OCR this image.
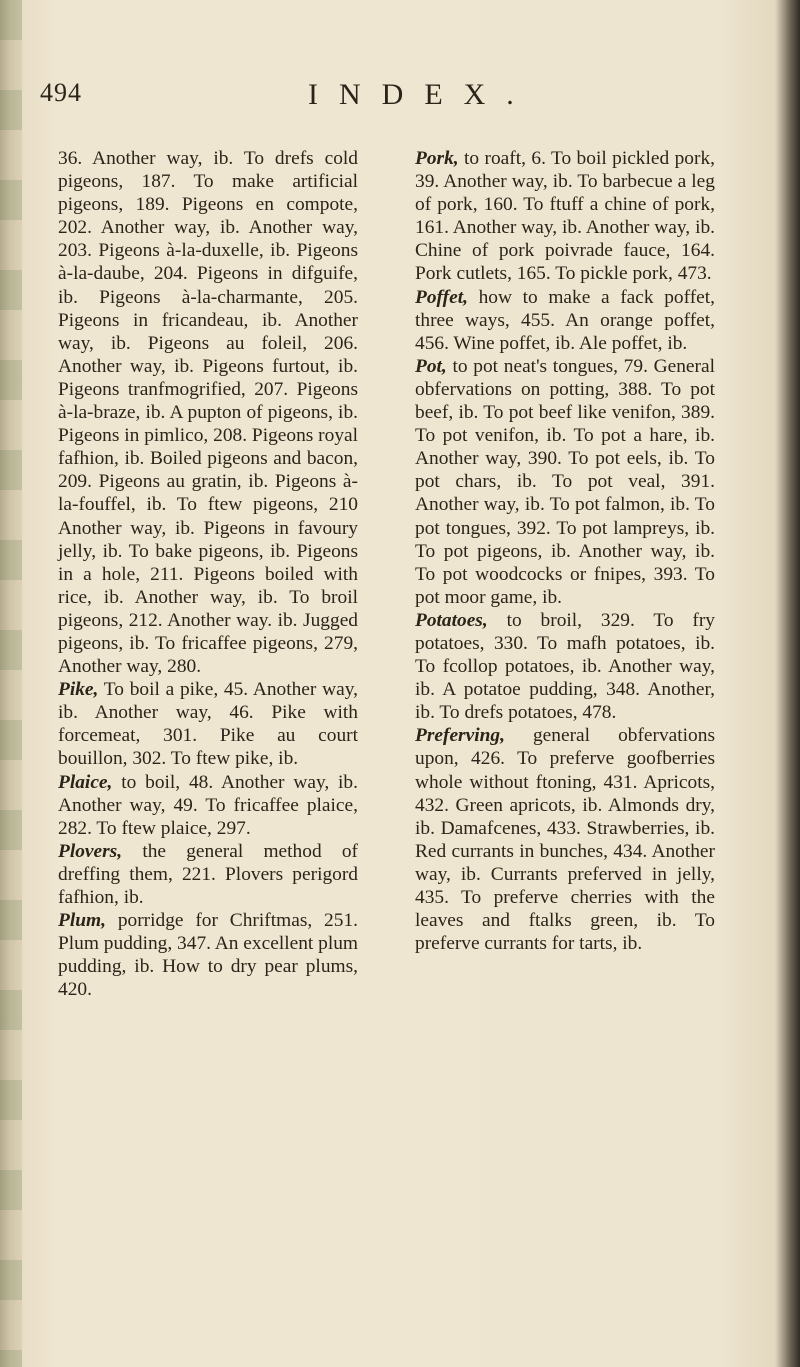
494	INDEX.

36. Another way, ib. To drefs cold pigeons, 187. To make artificial pigeons, 189. Pigeons en compote, 202. Another way, ib. Another way, 203. Pigeons à-la-duxelle, ib. Pigeons à-la-daube, 204. Pigeons in difguife, ib. Pigeons à-la-charmante, 205. Pigeons in fricandeau, ib. Another way, ib. Pigeons au foleil, 206. Another way, ib. Pigeons furtout, ib. Pigeons tranfmogrified, 207. Pigeons à-la-braze, ib. A pupton of pigeons, ib. Pigeons in pimlico, 208. Pigeons royal fafhion, ib. Boiled pigeons and bacon, 209. Pigeons au gratin, ib. Pigeons à-la-fouffel, ib. To ftew pigeons, 210 Another way, ib. Pigeons in favoury jelly, ib. To bake pigeons, ib. Pigeons in a hole, 211. Pigeons boiled with rice, ib. Another way, ib. To broil pigeons, 212. Another way. ib. Jugged pigeons, ib. To fricaffee pigeons, 279, Another way, 280.

Pike, To boil a pike, 45. Another way, ib. Another way, 46. Pike with forcemeat, 301. Pike au court bouillon, 302. To ftew pike, ib.

Plaice, to boil, 48. Another way, ib. Another way, 49. To fricaffee plaice, 282. To ftew plaice, 297.

Plovers, the general method of dreffing them, 221. Plovers perigord fafhion, ib.

Plum, porridge for Chriftmas, 251. Plum pudding, 347. An excellent plum pudding, ib. How to dry pear plums, 420.

Pork, to roaft, 6. To boil pickled pork, 39. Another way, ib. To barbecue a leg of pork, 160. To ftuff a chine of pork, 161. Another way, ib. Another way, ib. Chine of pork poivrade fauce, 164. Pork cutlets, 165. To pickle pork, 473.

Poffet, how to make a fack poffet, three ways, 455. An orange poffet, 456. Wine poffet, ib. Ale poffet, ib.

Pot, to pot neat's tongues, 79. General obfervations on potting, 388. To pot beef, ib. To pot beef like venifon, 389. To pot venifon, ib. To pot a hare, ib. Another way, 390. To pot eels, ib. To pot chars, ib. To pot veal, 391. Another way, ib. To pot falmon, ib. To pot tongues, 392. To pot lampreys, ib. To pot pigeons, ib. Another way, ib. To pot woodcocks or fnipes, 393. To pot moor game, ib.

Potatoes, to broil, 329. To fry potatoes, 330. To mafh potatoes, ib. To fcollop potatoes, ib. Another way, ib. A potatoe pudding, 348. Another, ib. To drefs potatoes, 478.

Preferving, general obfervations upon, 426. To preferve goofberries whole without ftoning, 431. Apricots, 432. Green apricots, ib. Almonds dry, ib. Damafcenes, 433. Strawberries, ib. Red currants in bunches, 434. Another way, ib. Currants preferved in jelly, 435. To preferve cherries with the leaves and ftalks green, ib. To preferve currants for tarts, ib.
